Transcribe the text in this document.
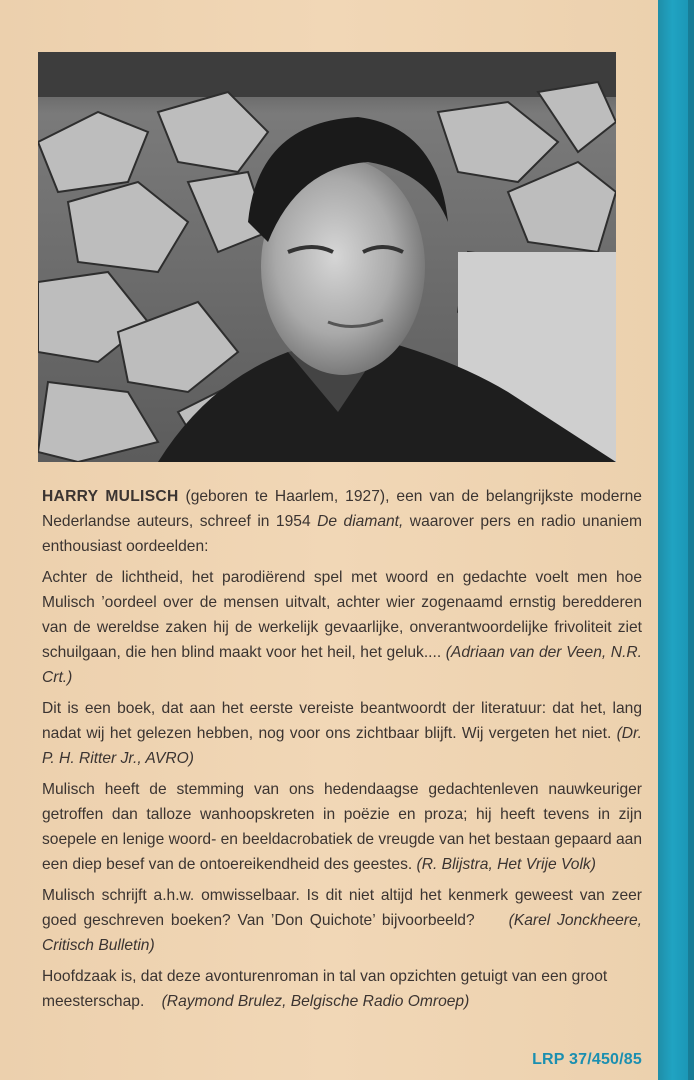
HARRY MULISCH (geboren te Haarlem, 1927), een van de belangrijkste moderne Nederlandse auteurs, schreef in 1954 De diamant, waarover pers en radio unaniem enthousiast oordeelden:

Achter de lichtheid, het parodiërend spel met woord en gedachte voelt men hoe Mulisch ’oordeel over de mensen uitvalt, achter wier zogenaamd ernstig beredderen van de wereldse zaken hij de werkelijk gevaarlijke, onverantwoordelijke frivoliteit ziet schuilgaan, die hen blind maakt voor het heil, het geluk.... (Adriaan van der Veen, N.R. Crt.)

Dit is een boek, dat aan het eerste vereiste beantwoordt der literatuur: dat het, lang nadat wij het gelezen hebben, nog voor ons zichtbaar blijft. Wij vergeten het niet. (Dr. P. H. Ritter Jr., AVRO)

Mulisch heeft de stemming van ons hedendaagse gedachtenleven nauwkeuriger getroffen dan talloze wanhoopskreten in poëzie en proza; hij heeft tevens in zijn soepele en lenige woord- en beeldacrobatiek de vreugde van het bestaan gepaard aan een diep besef van de ontoereikendheid des geestes. (R. Blijstra, Het Vrije Volk)

Mulisch schrijft a.h.w. omwisselbaar. Is dit niet altijd het kenmerk geweest van zeer goed geschreven boeken? Van ’Don Quichote’ bijvoorbeeld?     (Karel Jonckheere, Critisch Bulletin)

Hoofdzaak is, dat deze avonturenroman in tal van opzichten getuigt van een groot meesterschap.    (Raymond Brulez, Belgische Radio Omroep)

LRP 37/450/85
